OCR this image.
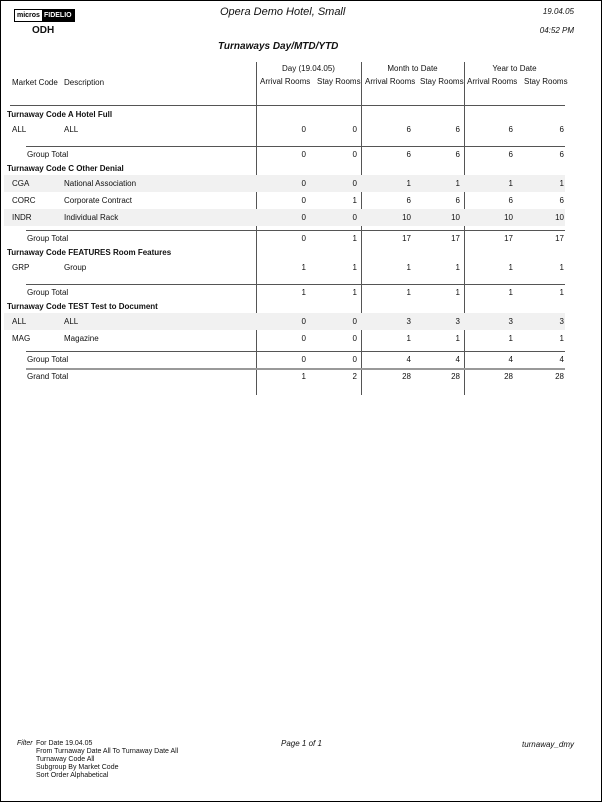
micros FIDELIO
ODH
Opera Demo Hotel, Small	19.04.05
04:52 PM
Turnaways Day/MTD/YTD
Market Code Description
Day (19.04.05)	Month to Date	Year to Date
Arrival Rooms Stay Rooms Arrival Rooms Stay Rooms Arrival Rooms Stay Rooms
Turnaway Code A Hotel Full
ALL	ALL	0	0	6	6	6	6
Group Total	0	0	6	6	6	6
Turnaway Code C Other Denial
CGA	National Association	0	0	1	1	1	1
CORC	Corporate Contract	0	1	6	6	6	6
INDR	Individual Rack	0	0	10	10	10	10
Group Total	0	1	17	17	17	17
Turnaway Code FEATURES Room Features
GRP	Group	1	1	1	1	1	1
Group Total	1	1	1	1	1	1
Turnaway Code TEST Test to Document
ALL	ALL	0	0	3	3	3	3
MAG	Magazine	0	0	1	1	1	1
Group Total	0	0	4	4	4	4
Grand Total	1	2	28	28	28	28
Filter For Date 19.04.05
From Turnaway Date All To Turnaway Date All
Turnaway Code All
Subgroup By Market Code
Sort Order Alphabetical
Page 1 of 1	turnaway_dmy
